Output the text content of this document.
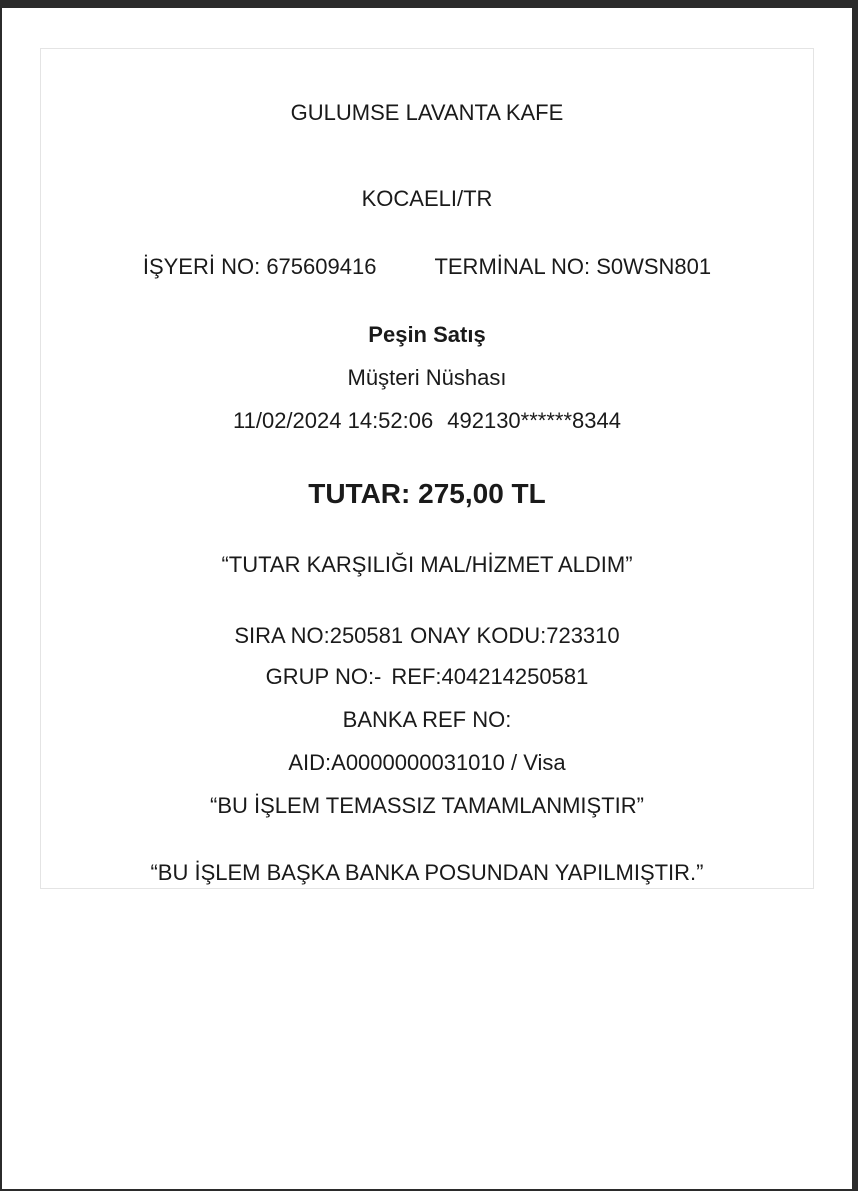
GULUMSE LAVANTA KAFE
KOCAELI/TR
İŞYERİ NO: 675609416	TERMİNAL NO: S0WSN801
Peşin Satış
Müşteri Nüshası
11/02/2024 14:52:06 492130******8344
TUTAR: 275,00 TL
“TUTAR KARŞILIĞI MAL/HİZMET ALDIM”
SIRA NO:250581 ONAY KODU:723310
GRUP NO:- REF:404214250581
BANKA REF NO:
AID:A0000000031010 / Visa
“BU İŞLEM TEMASSIZ TAMAMLANMIŞTIR”
“BU İŞLEM BAŞKA BANKA POSUNDAN YAPILMIŞTIR.”
